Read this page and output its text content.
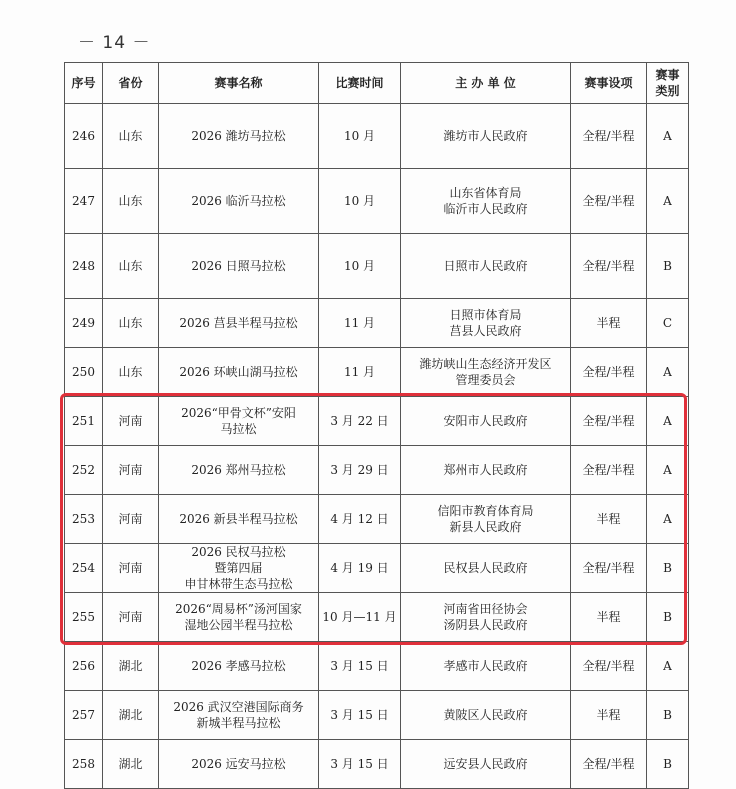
－ 14 －
序号	省份	赛事名称	比赛时间	主 办 单 位	赛事设项	赛事
类别
246	山东	2026 潍坊马拉松	10 月	潍坊市人民政府	全程/半程	A
247	山东	2026 临沂马拉松	10 月	山东省体育局
临沂市人民政府	全程/半程	A
248	山东	2026 日照马拉松	10 月	日照市人民政府	全程/半程	B
249	山东	2026 莒县半程马拉松	11 月	日照市体育局
莒县人民政府	半程	C
250	山东	2026 环峡山湖马拉松	11 月	潍坊峡山生态经济开发区
管理委员会	全程/半程	A
251	河南	2026“甲骨文杯”安阳
马拉松	3 月 22 日	安阳市人民政府	全程/半程	A
252	河南	2026 郑州马拉松	3 月 29 日	郑州市人民政府	全程/半程	A
253	河南	2026 新县半程马拉松	4 月 12 日	信阳市教育体育局
新县人民政府	半程	A
254	河南	2026 民权马拉松
暨第四届
申甘林带生态马拉松	4 月 19 日	民权县人民政府	全程/半程	B
255	河南	2026“周易杯”汤河国家
湿地公园半程马拉松	10 月—11 月	河南省田径协会
汤阴县人民政府	半程	B
256	湖北	2026 孝感马拉松	3 月 15 日	孝感市人民政府	全程/半程	A
257	湖北	2026 武汉空港国际商务
新城半程马拉松	3 月 15 日	黄陂区人民政府	半程	B
258	湖北	2026 远安马拉松	3 月 15 日	远安县人民政府	全程/半程	B
